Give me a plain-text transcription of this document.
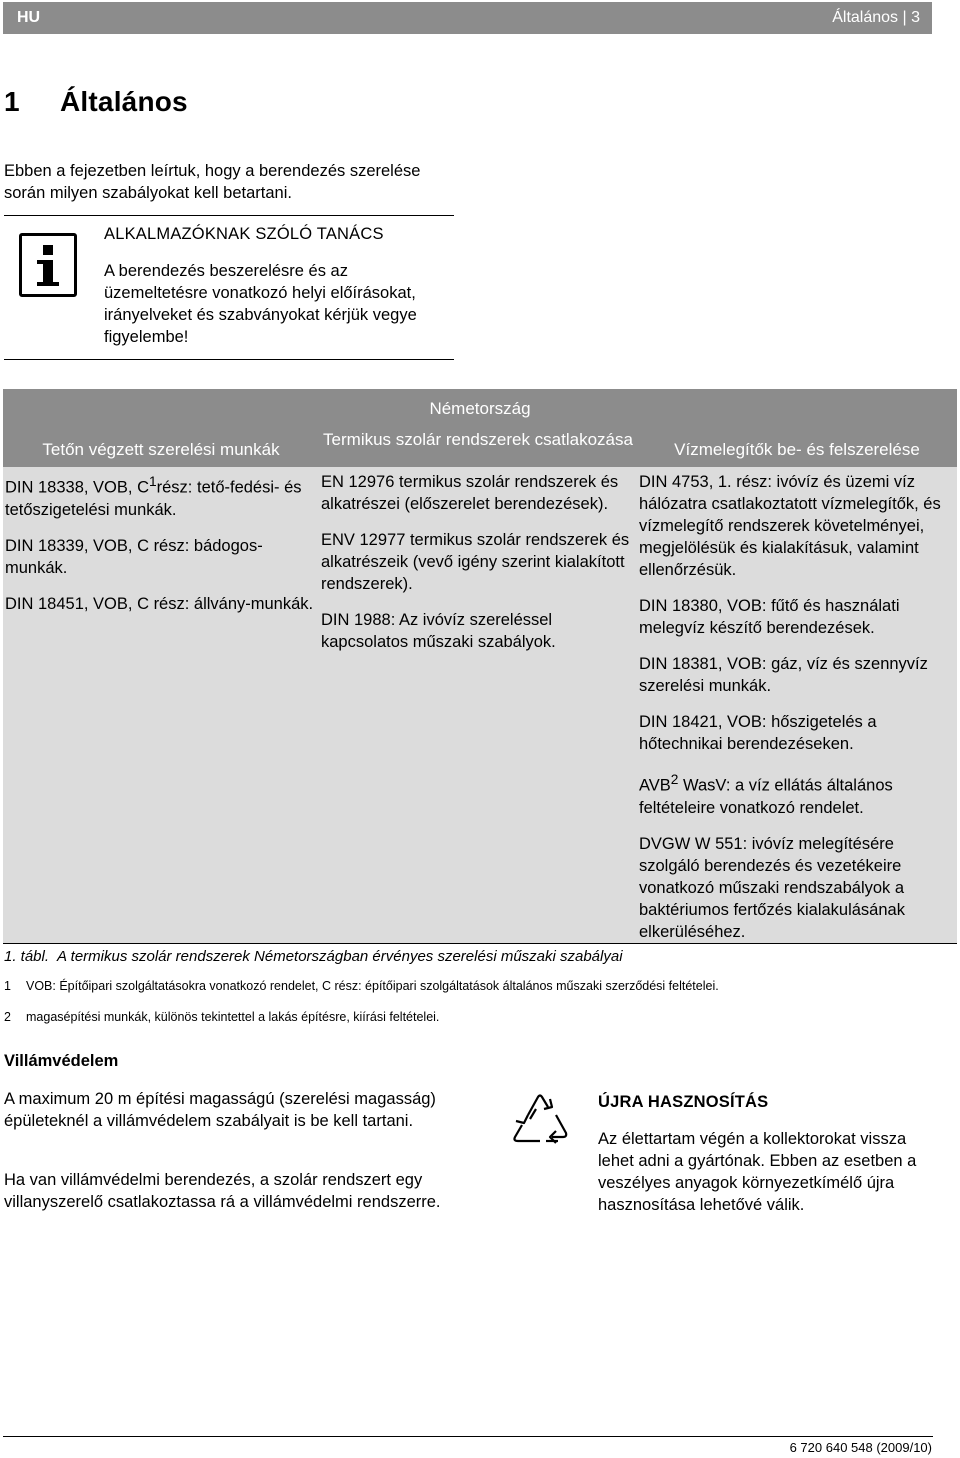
HU	Általános | 3
1 Általános

Ebben a fejezetben leírtuk, hogy a berendezés szerelése során milyen szabályokat kell betartani.

ALKALMAZÓKNAK SZÓLÓ TANÁCS
A berendezés beszerelésre és az üzemeltetésre vonatkozó helyi előírásokat, irányelveket és szabványokat kérjük vegye figyelembe!
Németország
Tetőn végzett szerelési munkák
Termikus szolár rendszerek csatlakozása
Vízmelegítők be- és felszerelése

DIN 18338, VOB, $C^1rész$: tető-fedési- és tetőszigetelési munkák.

DIN 18339, VOB, C rész: bádogos-munkák.

DIN 18451, VOB, C rész: állvány-munkák.

EN 12976 termikus szolár rendszerek és alkatrészei (előszerelet berendezések).

ENV 12977 termikus szolár rendszerek és alkatrészeik (vevő igény szerint kialakított rendszerek).

DIN 1988: Az ivóvíz szereléssel kapcsolatos műszaki szabályok.

DIN 4753, 1. rész: ivóvíz és üzemi víz hálózatra csatlakoztatott vízmelegítők, és vízmelegítő rendszerek követelményei, megjelölésük és kialakításuk, valamint ellenőrzésük.

DIN 18380, VOB: fűtő és használati melegvíz készítő berendezések.

DIN 18381, VOB: gáz, víz és szennyvíz szerelési munkák.

DIN 18421, VOB: hőszigetelés a hőtechnikai berendezéseken.

AVB$^2$ WasV: a víz ellátás általános feltételeire vonatkozó rendelet.

DVGW W 551: ivóvíz melegítésére szolgáló berendezés és vezetékeire vonatkozó műszaki rendszabályok a baktériumos fertőzés kialakulásának elkerüléséhez.

1. tábl. A termikus szolár rendszerek Németországban érvényes szerelési műszaki szabályai
1 VOB: Építőipari szolgáltatásokra vonatkozó rendelet, C rész: építőipari szolgáltatások általános műszaki szerződési feltételei.
2 magasépítési munkák, különös tekintettel a lakás építésre, kiírási feltételei.
Villámvédelem

A maximum 20 m építési magasságú (szerelési magasság) épületeknél a villámvédelem szabályait is be kell tartani.

Ha van villámvédelmi berendezés, a szolár rendszert egy villanyszerelő csatlakoztassa rá a villámvédelmi rendszerre.

ÚJRA HASZNOSÍTÁS

Az élettartam végén a kollektorokat vissza lehet adni a gyártónak. Ebben az esetben a veszélyes anyagok környezetkímélő újra hasznosítása lehetővé válik.

6 720 640 548 (2009/10)
